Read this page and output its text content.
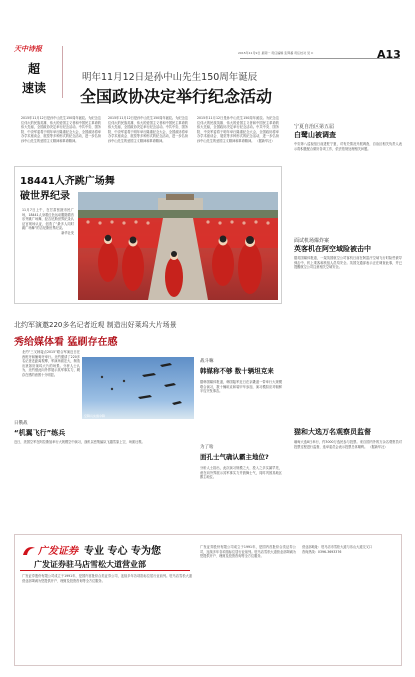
天中诗报
超
速读
2015年11月9日 星期一 责任编辑 张辉番 责任校对 吴 C	A13
明年11月12日是孙中山先生150周年诞辰
全国政协决定举行纪念活动
2015年11月12日是孙中山先生150周年诞辰。为纪念这位伟大的民族英雄、伟大的爱国主义者和中国民主革命的伟大先驱，全国政协决定举行纪念活动。中共中央、国务院、中央军委将于明年举行隆重纪念大会，全国政协将举办学术座谈会、展览等多种形式的纪念活动，进一步弘扬孙中山先生的爱国主义精神和革命精神。
2015年11月12日是孙中山先生150周年诞辰。为纪念这位伟大的民族英雄、伟大的爱国主义者和中国民主革命的伟大先驱，全国政协决定举行纪念活动。中共中央、国务院、中央军委将于明年举行隆重纪念大会，全国政协将举办学术座谈会、展览等多种形式的纪念活动，进一步弘扬孙中山先生的爱国主义精神和革命精神。
2015年11月12日是孙中山先生150周年诞辰。为纪念这位伟大的民族英雄、伟大的爱国主义者和中国民主革命的伟大先驱，全国政协决定举行纪念活动。中共中央、国务院、中央军委将于明年举行隆重纪念大会，全国政协将举办学术座谈会、展览等多种形式的纪念活动，进一步弘扬孙中山先生的爱国主义精神和革命精神。 （据新华社）
18441人齐跳广场舞
破世界纪录
11月7日上午，在甘肃张掖市民广场，18441人身着红色运动服随着音乐齐跳广场舞，经吉尼斯世界纪录认证官现场认证，创造了“最多人同时跳广场舞”的吉尼斯世界纪录。
新华社发
北约军演邀220多名记者近观 制造出好莱坞大片场景
秀给媒体看 猛刷存在感
北约“三叉戟接点2015”联合军演近日在西班牙和葡萄牙举行。北约邀请了220多名记者近距离观摩，军演场面宏大，制造出犹如好莱坞大片的场景。分析人士认为，北约借此向外界展示其军事实力，刷存在感的意图十分明显。
空降兵实施伞降
日俄战
“机翼飞行”练兵
近日，美国空军在阿拉斯加举行大规模空中演习，战机以密集编队飞越雪原上空，场面壮观。
战斗嘛
韩媒称不够 数十辆坦克来
据韩国媒体报道，韩国陆军近日在京畿道一带举行大规模联合演习，数十辆坦克和装甲车参加，演习模拟应对朝鲜半岛突发事态。
为了啥
面孔士气确认霸主地位?
分析人士指出，此次演习规模之大、投入之多实属罕见，意在向外界展示其军事实力并鼓舞士气，同时巩固其地区霸主地位。
宁夏自治区第五届
白鹭山被调查
中央第八巡视组日前进驻宁夏，对有关情况开展调查，自治区相关负责人表示将积极配合做好各项工作，依法依规处理相关问题。
面试机场爆炸案
英客机在阿空域险被击中
据英国媒体报道，一架英国航空公司客机日前在阿富汗空域飞行时险些被导弹击中，机上乘客和机组人员均安全。英国交通部表示正在调查此事，并已提醒航空公司注意相关空域安全。
猫和大选万名观察员监督
缅甸大选8日举行，约3000万选民参与投票。来自国内外的万余名观察员对投票过程进行监督，选举委员会表示投票总体顺利。 （据新华社）
广发证券 专业 专心 专为您
广发证券驻马店雪松大道营业部
广发证券股份有限公司成立于1991年，是国内首批综合类证券公司，连续多年各项指标位居行业前列。驻马店雪松大道营业部竭诚为您提供开户、理财及投资咨询等全方位服务。
广发证券股份有限公司成立于1991年，是国内首批综合类证券公司，连续多年各项指标位居行业前列。驻马店雪松大道营业部竭诚为您提供开户、理财及投资咨询等全方位服务。
营业部地址：驻马店市雪松大道与乐山大道交叉口
咨询热线：0396-3693376
